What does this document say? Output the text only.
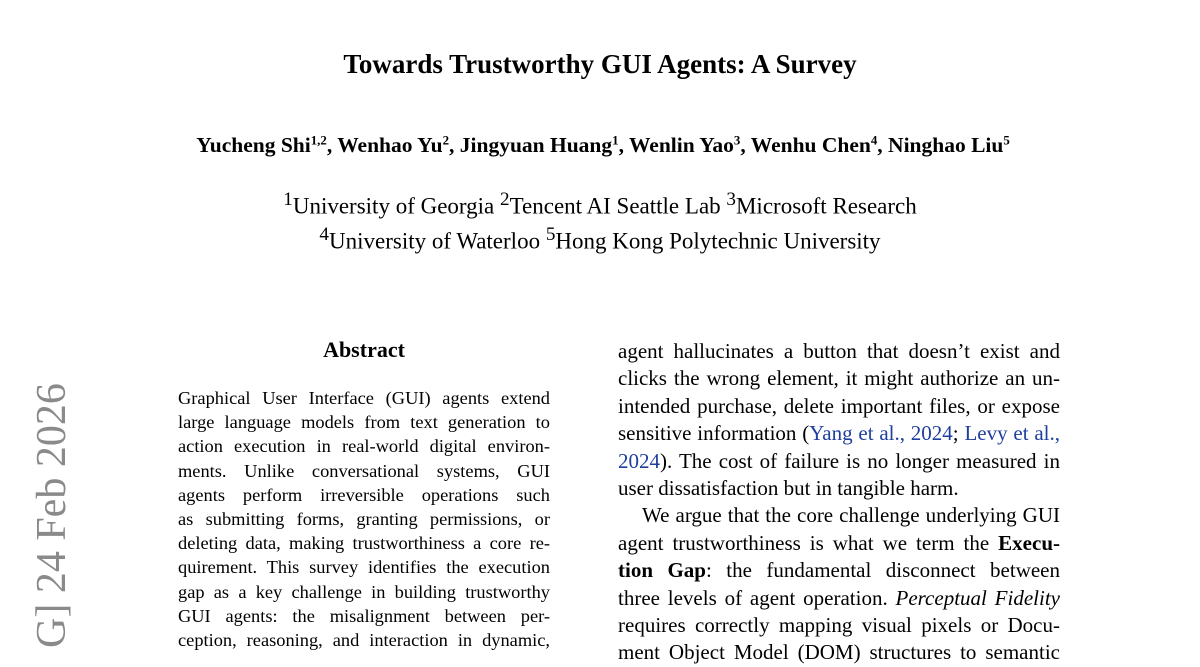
Towards Trustworthy GUI Agents: A Survey
Yucheng Shi$^{1,2}$, Wenhao Yu$^2$, Jingyuan Huang$^1$, Wenlin Yao$^3$, Wenhu Chen$^4$, Ninghao Liu$^5$
$^1$University of Georgia $^2$Tencent AI Seattle Lab $^3$Microsoft Research
$^4$University of Waterloo $^5$Hong Kong Polytechnic University
G] 24 Feb 2026
Abstract
Graphical User Interface (GUI) agents extend
large language models from text generation to
action execution in real-world digital environ-
ments. Unlike conversational systems, GUI
agents perform irreversible operations such
as submitting forms, granting permissions, or
deleting data, making trustworthiness a core re-
quirement. This survey identifies the execution
gap as a key challenge in building trustworthy
GUI agents: the misalignment between per-
ception, reasoning, and interaction in dynamic,
agent hallucinates a button that doesn’t exist and
clicks the wrong element, it might authorize an un-
intended purchase, delete important files, or expose
sensitive information (Yang et al., 2024; Levy et al.,
2024). The cost of failure is no longer measured in
user dissatisfaction but in tangible harm.
We argue that the core challenge underlying GUI
agent trustworthiness is what we term the Execu-
tion Gap: the fundamental disconnect between
three levels of agent operation. Perceptual Fidelity
requires correctly mapping visual pixels or Docu-
ment Object Model (DOM) structures to semantic
